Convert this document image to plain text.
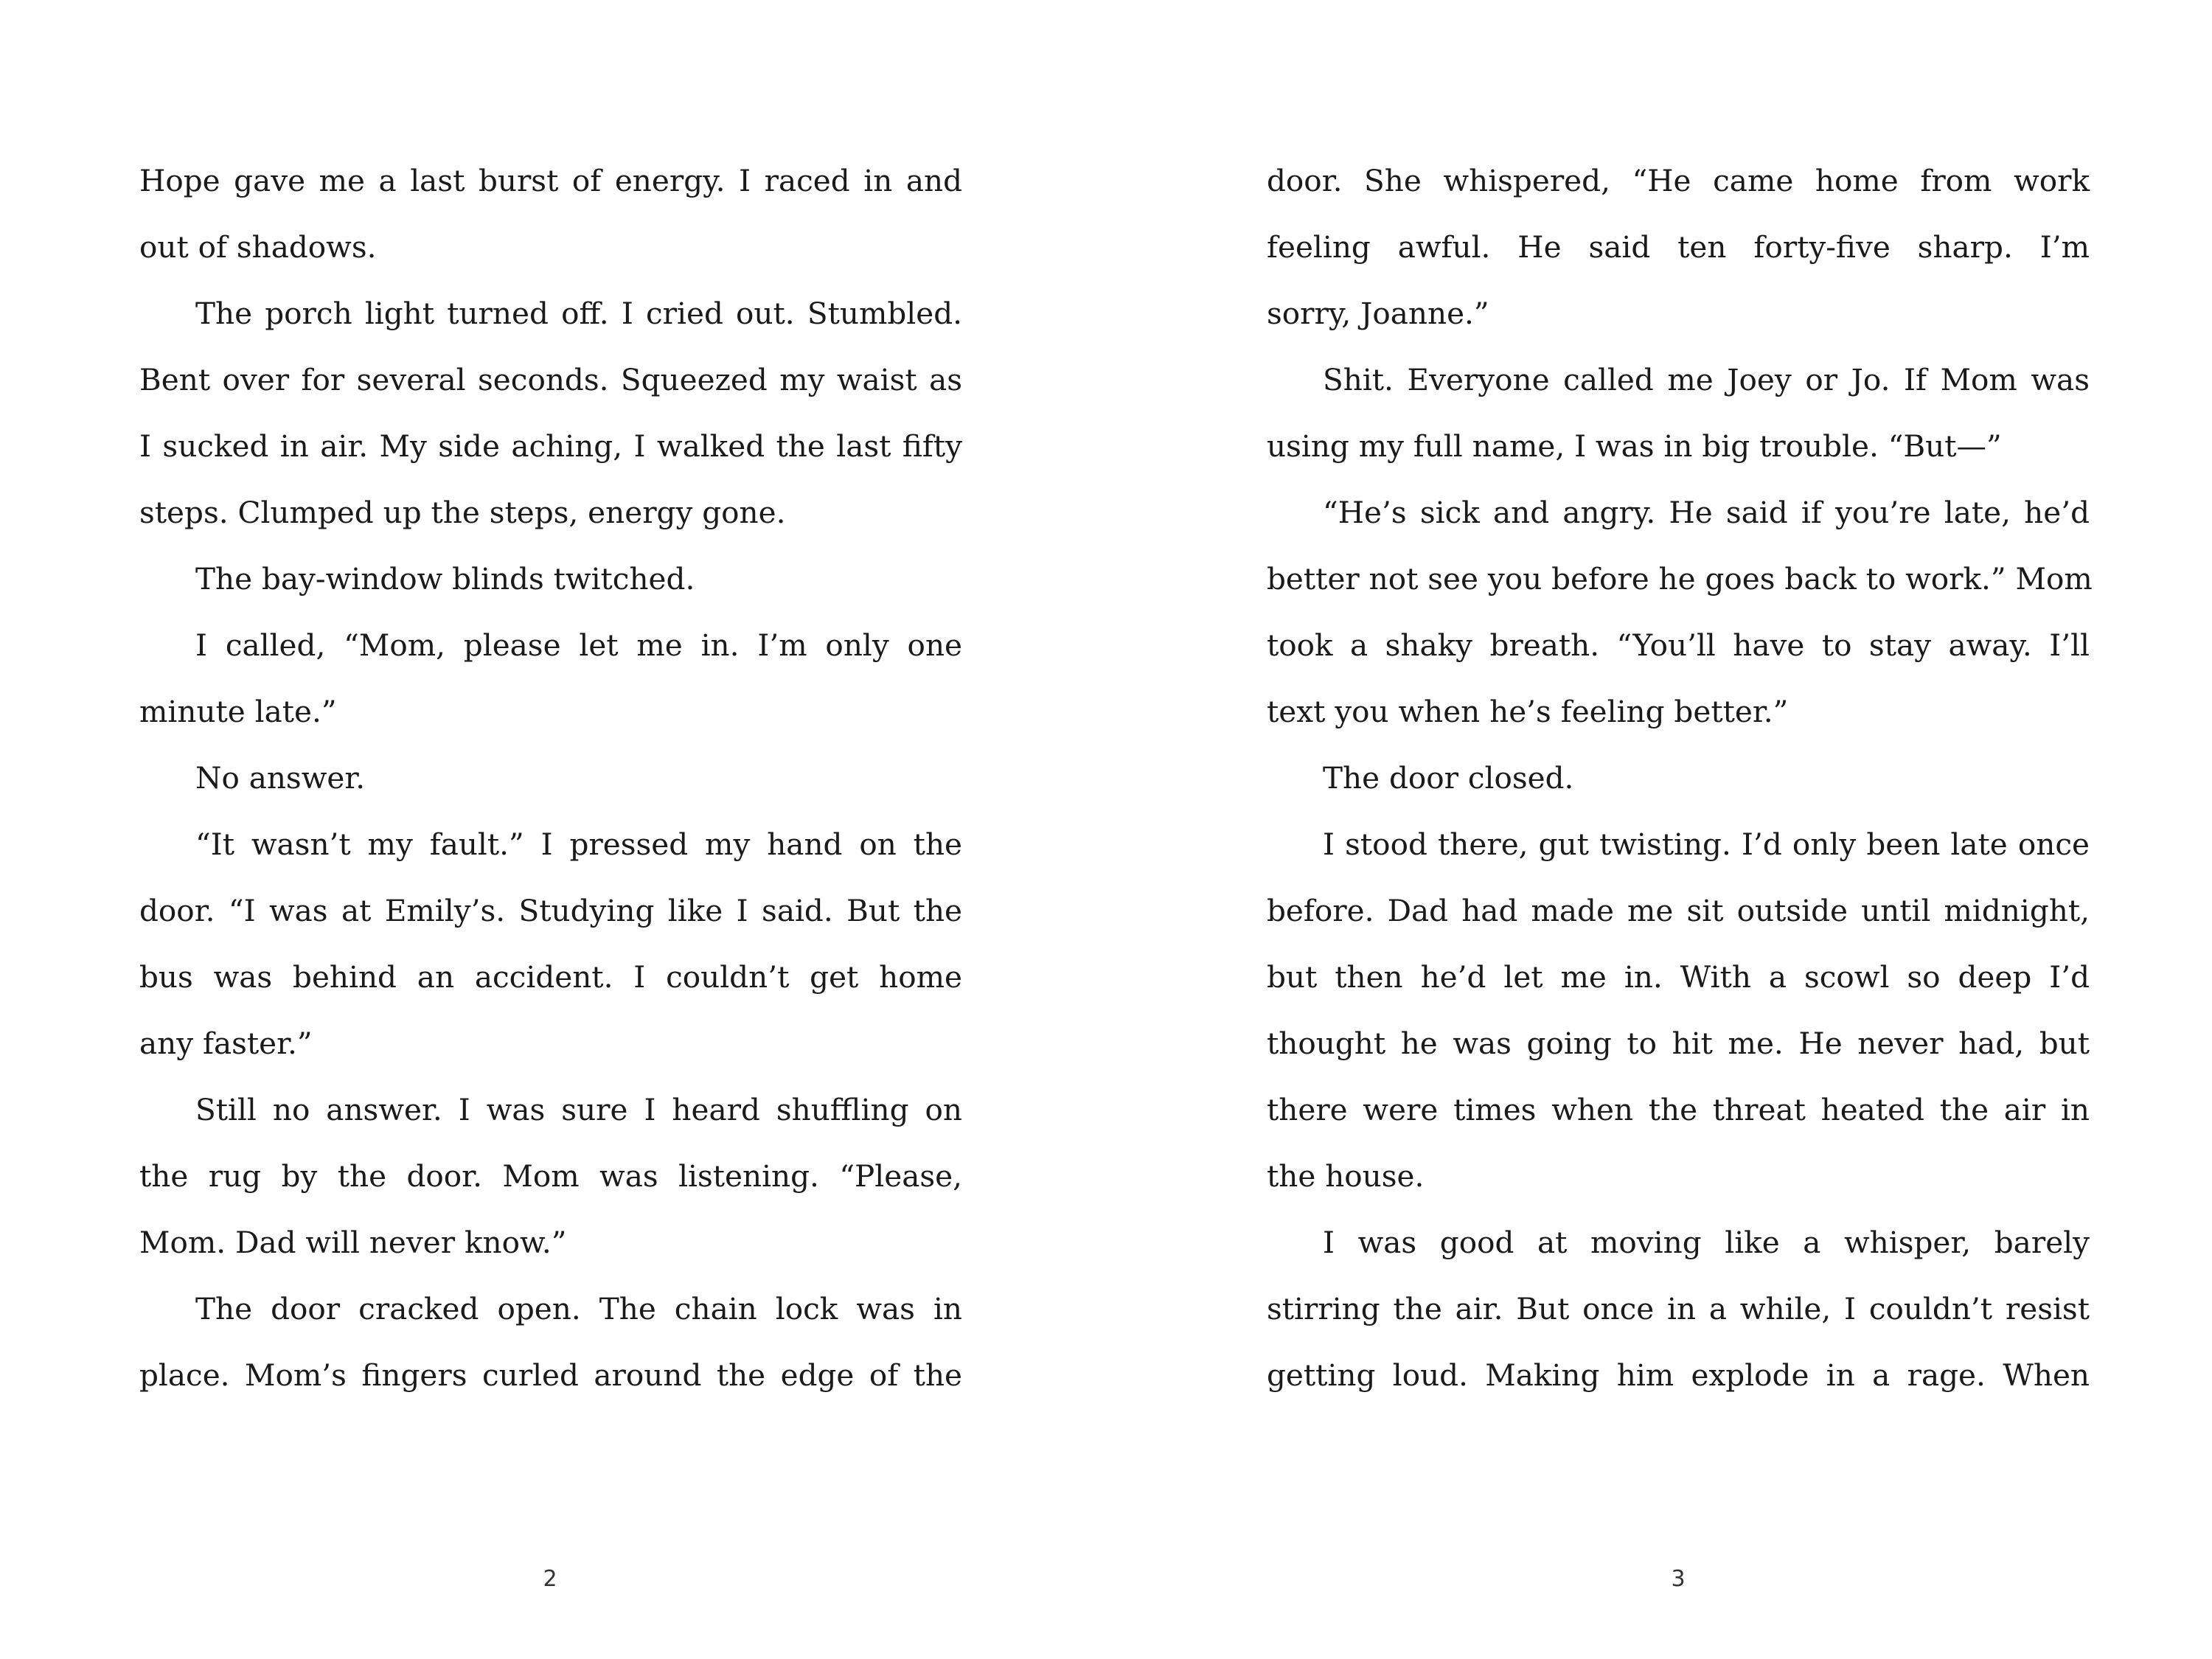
Hope gave me a last burst of energy. I raced in and
out of shadows.
The porch light turned off. I cried out. Stumbled.
Bent over for several seconds. Squeezed my waist as
I sucked in air. My side aching, I walked the last fifty
steps. Clumped up the steps, energy gone.
The bay-window blinds twitched.
I called, “Mom, please let me in. I’m only one
minute late.”
No answer.
“It wasn’t my fault.” I pressed my hand on the
door. “I was at Emily’s. Studying like I said. But the
bus was behind an accident. I couldn’t get home
any faster.”
Still no answer. I was sure I heard shuffling on
the rug by the door. Mom was listening. “Please,
Mom. Dad will never know.”
The door cracked open. The chain lock was in
place. Mom’s fingers curled around the edge of the
door. She whispered, “He came home from work
feeling awful. He said ten forty-five sharp. I’m
sorry, Joanne.”
Shit. Everyone called me Joey or Jo. If Mom was
using my full name, I was in big trouble. “But—”
“He’s sick and angry. He said if you’re late, he’d
better not see you before he goes back to work.” Mom
took a shaky breath. “You’ll have to stay away. I’ll
text you when he’s feeling better.”
The door closed.
I stood there, gut twisting. I’d only been late once
before. Dad had made me sit outside until midnight,
but then he’d let me in. With a scowl so deep I’d
thought he was going to hit me. He never had, but
there were times when the threat heated the air in
the house.
I was good at moving like a whisper, barely
stirring the air. But once in a while, I couldn’t resist
getting loud. Making him explode in a rage. When
2	3
